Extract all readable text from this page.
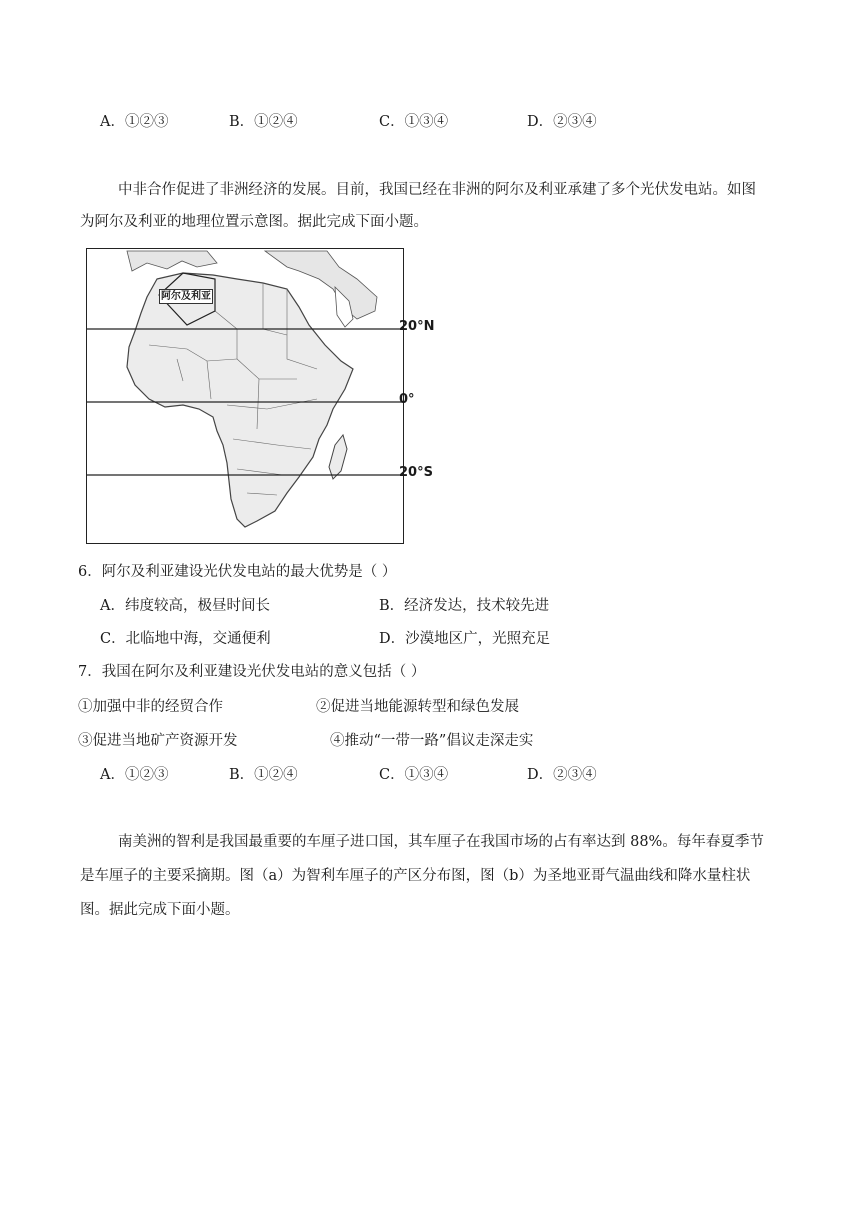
A．①②③	B．①②④	C．①③④	D．②③④
中非合作促进了非洲经济的发展。目前，我国已经在非洲的阿尔及利亚承建了多个光伏发电站。如图
为阿尔及利亚的地理位置示意图。据此完成下面小题。
阿尔及利亚
20°N
0°
20°S
6．阿尔及利亚建设光伏发电站的最大优势是（ ）
A．纬度较高，极昼时间长	B．经济发达，技术较先进
C．北临地中海，交通便利	D．沙漠地区广，光照充足
7．我国在阿尔及利亚建设光伏发电站的意义包括（ ）
①加强中非的经贸合作	②促进当地能源转型和绿色发展
③促进当地矿产资源开发	④推动“一带一路”倡议走深走实
A．①②③	B．①②④	C．①③④	D．②③④
南美洲的智利是我国最重要的车厘子进口国，其车厘子在我国市场的占有率达到 88%。每年春夏季节
是车厘子的主要采摘期。图（a）为智利车厘子的产区分布图，图（b）为圣地亚哥气温曲线和降水量柱状
图。据此完成下面小题。
